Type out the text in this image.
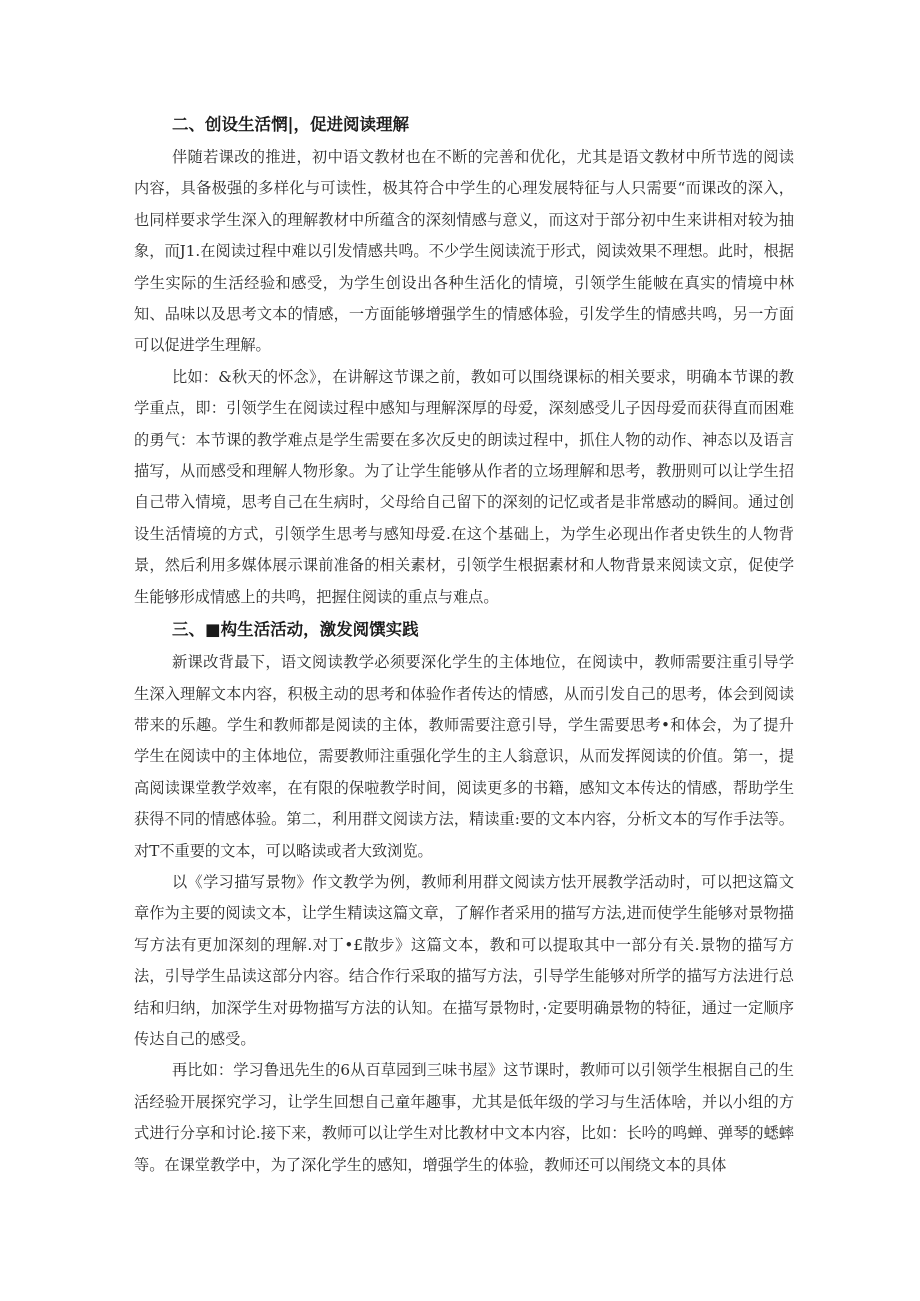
二、创设生活惘|，促进阅读理解

伴随若课改的推进，初中语文教材也在不断的完善和优化，尤其是语文教材中所节选的阅读内容，具备极强的多样化与可读性，极其符合中学生的心理发展特征与人只需要“而课改的深入，也同样要求学生深入的理解教材中所蕴含的深刻情感与意义，而这对于部分初中生来讲相对较为抽象，而J1.在阅读过程中难以引发情感共鸣。不少学生阅读流于形式，阅读效果不理想。此时，根据学生实际的生活经验和感受，为学生创设出各种生活化的情境，引领学生能帔在真实的情境中林知、品味以及思考文本的情感，一方面能够增强学生的情感体验，引发学生的情感共鸣，另一方面可以促进学生理解。

比如：&秋天的怀念》，在讲解这节课之前，教如可以围绕课标的相关要求，明确本节课的教学重点，即：引领学生在阅读过程中感知与理解深厚的母爱，深刻感受儿子因母爱而获得直而困难的勇气：本节课的教学难点是学生需要在多次反史的朗读过程中，抓住人物的动作、神态以及语言描写，从而感受和理解人物形象。为了让学生能够从作者的立场理解和思考，教册则可以让学生招自己带入情境，思考自己在生病时，父母给自己留下的深刻的记忆或者是非常感动的瞬间。通过创设生活情境的方式，引领学生思考与感知母爱.在这个基础上，为学生必现出作者史铁生的人物背景，然后利用多媒体展示课前准备的相关素材，引领学生根据素材和人物背景来阅读文京，促使学生能够形成情感上的共鸣，把握住阅读的重点与难点。

三、■构生活活动，激发阅馔实践

新课改背最下，语文阅读教学必须要深化学生的主体地位，在阅读中，教师需要注重引导学生深入理解文本内容，积极主动的思考和体验作者传达的情感，从而引发自己的思考，体会到阅读带来的乐趣。学生和教师都是阅读的主体，教师需要注意引导，学生需要思考•和体会，为了提升学生在阅读中的主体地位，需要教师注重强化学生的主人翁意识，从而发挥阅读的价值。第一，提高阅读课堂教学效率，在有限的保啦教学时间，阅读更多的书籍，感知文本传达的情感，帮助学生获得不同的情感体验。第二，利用群文阅读方法，精读重:要的文本内容，分析文本的写作手法等。对T不重要的文本，可以略读或者大致浏览。

以《学习描写景物》作文教学为例，教师利用群文阅读方怯开展教学活动时，可以把这篇文章作为主要的阅读文本，让学生精读这篇文章，了解作者采用的描写方法,进而使学生能够对景物描写方法有更加深刻的理解.对丁•£散步》这篇文本，教和可以提取其中一部分有关.景物的描写方法，引导学生品读这部分内容。结合作行采取的描写方法，引导学生能够对所学的描写方法进行总结和归纳，加深学生对毋物描写方法的认知。在描写景物时，·定要明确景物的特征，通过一定顺序传达自己的感受。

再比如：学习鲁迅先生的6从百草园到三味书屋》这节课时，教师可以引领学生根据自己的生活经验开展探究学习，让学生回想自己童年趣事，尤其是低年级的学习与生活体啥，并以小组的方式进行分享和讨论.接下来，教师可以让学生对比教材中文本内容，比如：长吟的鸣蝉、弹琴的蟋蟀等。在课堂教学中，为了深化学生的感知，增强学生的体验，教师还可以闱绕文本的具体
